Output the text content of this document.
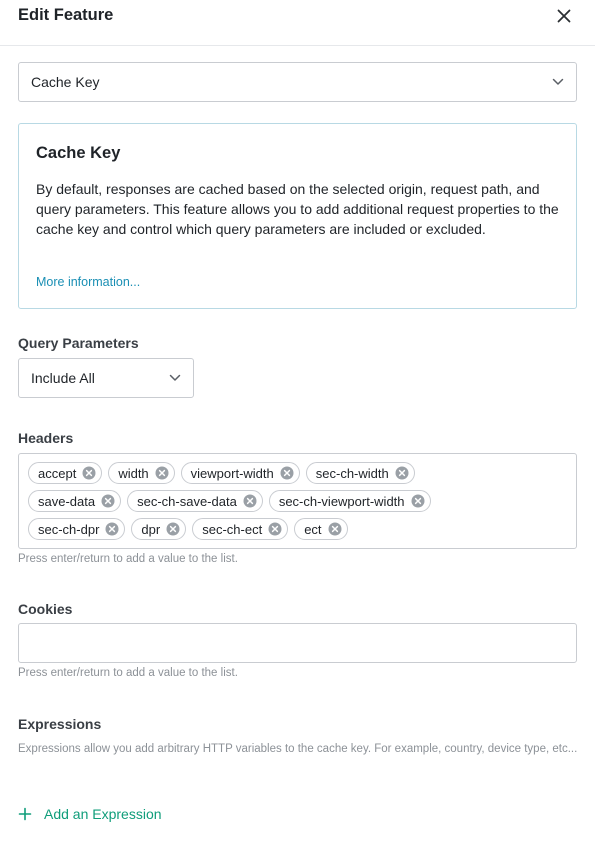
Edit Feature
Cache Key
Cache Key
By default, responses are cached based on the selected origin, request path, and query parameters. This feature allows you to add additional request properties to the cache key and control which query parameters are included or excluded.
More information...
Query Parameters
Include All
Headers
accept	width	viewport-width	sec-ch-width
save-data	sec-ch-save-data	sec-ch-viewport-width
sec-ch-dpr	dpr	sec-ch-ect	ect
Press enter/return to add a value to the list.
Cookies
Press enter/return to add a value to the list.
Expressions
Expressions allow you add arbitrary HTTP variables to the cache key. For example, country, device type, etc...
Add an Expression
